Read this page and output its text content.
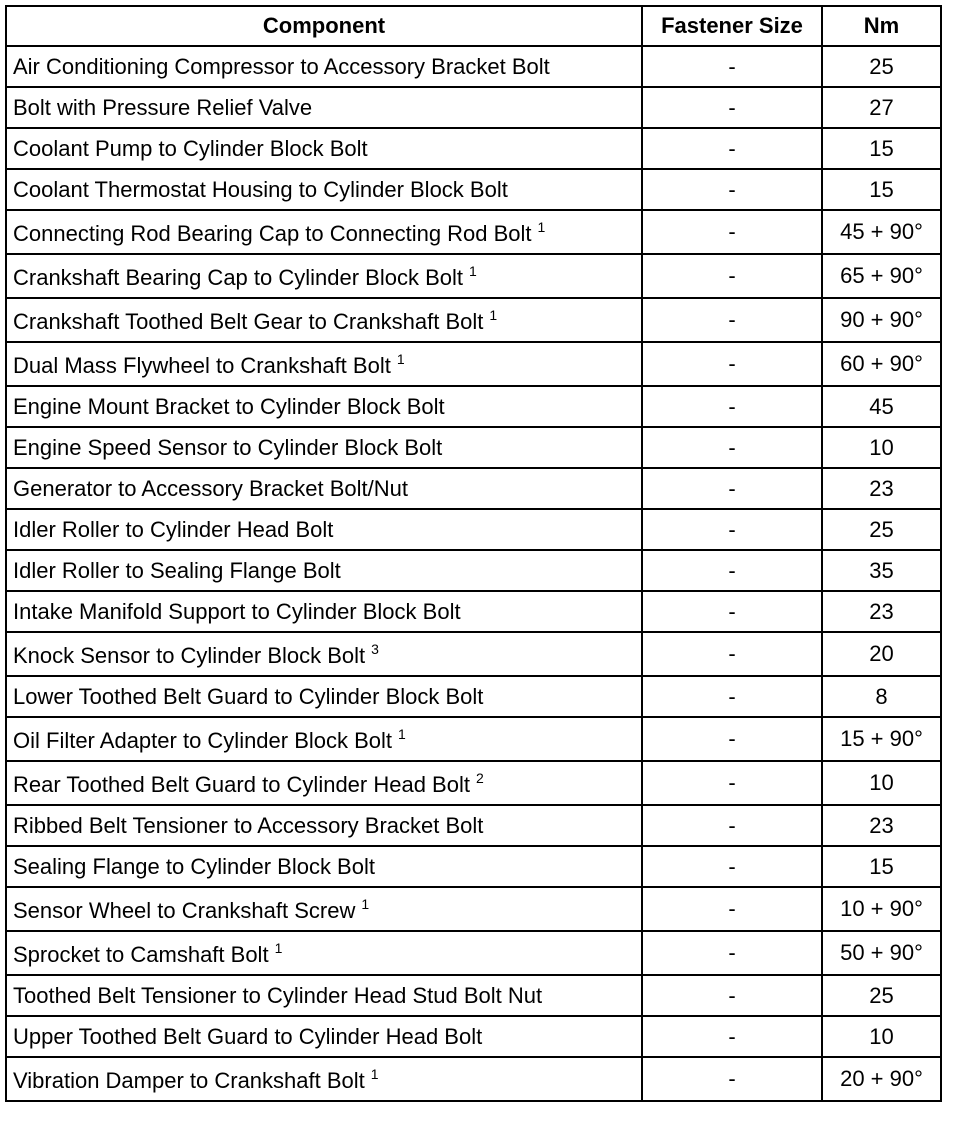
Component	Fastener Size	Nm
Air Conditioning Compressor to Accessory Bracket Bolt	-	25
Bolt with Pressure Relief Valve	-	27
Coolant Pump to Cylinder Block Bolt	-	15
Coolant Thermostat Housing to Cylinder Block Bolt	-	15
Connecting Rod Bearing Cap to Connecting Rod Bolt $^1$	-	45 + 90°
Crankshaft Bearing Cap to Cylinder Block Bolt $^1$	-	65 + 90°
Crankshaft Toothed Belt Gear to Crankshaft Bolt $^1$	-	90 + 90°
Dual Mass Flywheel to Crankshaft Bolt $^1$	-	60 + 90°
Engine Mount Bracket to Cylinder Block Bolt	-	45
Engine Speed Sensor to Cylinder Block Bolt	-	10
Generator to Accessory Bracket Bolt/Nut	-	23
Idler Roller to Cylinder Head Bolt	-	25
Idler Roller to Sealing Flange Bolt	-	35
Intake Manifold Support to Cylinder Block Bolt	-	23
Knock Sensor to Cylinder Block Bolt $^3$	-	20
Lower Toothed Belt Guard to Cylinder Block Bolt	-	8
Oil Filter Adapter to Cylinder Block Bolt $^1$	-	15 + 90°
Rear Toothed Belt Guard to Cylinder Head Bolt $^2$	-	10
Ribbed Belt Tensioner to Accessory Bracket Bolt	-	23
Sealing Flange to Cylinder Block Bolt	-	15
Sensor Wheel to Crankshaft Screw $^1$	-	10 + 90°
Sprocket to Camshaft Bolt $^1$	-	50 + 90°
Toothed Belt Tensioner to Cylinder Head Stud Bolt Nut	-	25
Upper Toothed Belt Guard to Cylinder Head Bolt	-	10
Vibration Damper to Crankshaft Bolt $^1$	-	20 + 90°
